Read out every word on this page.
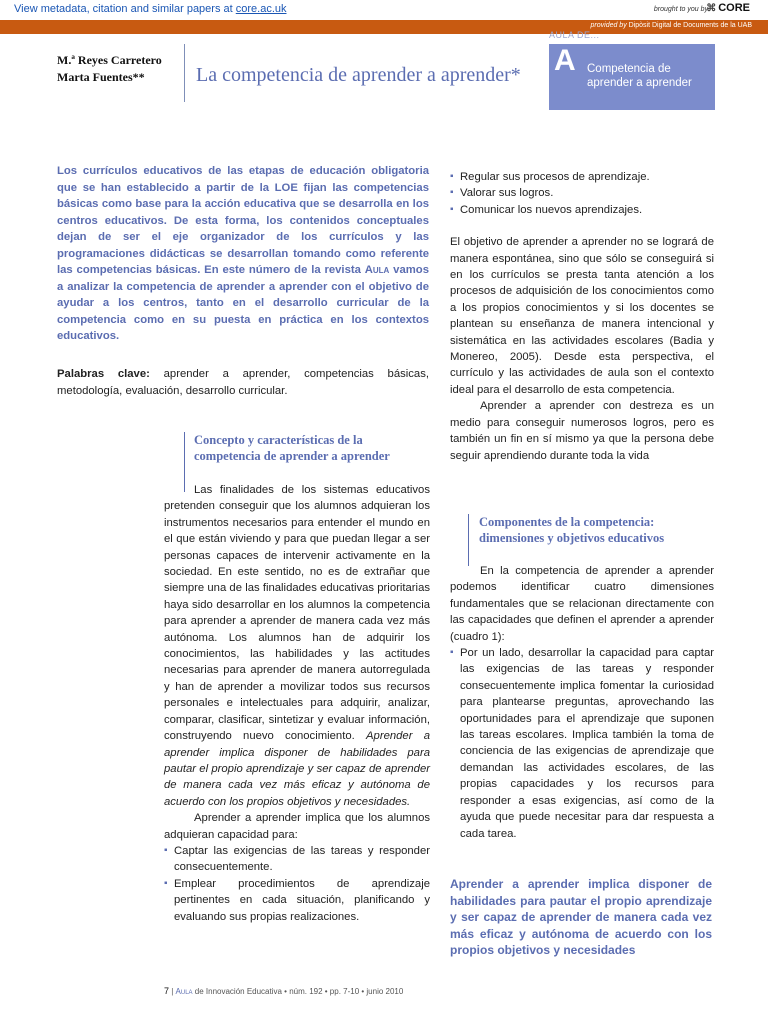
View metadata, citation and similar papers at core.ac.uk	brought to you by
⌘ CORE
provided by Dipòsit Digital de Documents de la UAB
M.ª Reyes Carretero
Marta Fuentes**	La competencia de aprender a aprender*
AULA DE...
A Competencia de
aprender a aprender
Los currículos educativos de las etapas de educación obligatoria que se han establecido a partir de la LOE fijan las competencias básicas como base para la acción educativa que se desarrolla en los centros educativos. De esta forma, los contenidos conceptuales dejan de ser el eje organizador de los currículos y las programaciones didácticas se desarrollan tomando como referente las competencias básicas. En este número de la revista Aula vamos a analizar la competencia de aprender a aprender con el objetivo de ayudar a los centros, tanto en el desarrollo curricular de la competencia como en su puesta en práctica en los contextos educativos.
Palabras clave: aprender a aprender, competencias básicas, metodología, evaluación, desarrollo curricular.
Concepto y características de la competencia de aprender a aprender

Las finalidades de los sistemas educativos pretenden conseguir que los alumnos adquieran los instrumentos necesarios para entender el mundo en el que están viviendo y para que puedan llegar a ser personas capaces de intervenir activamente en la sociedad. En este sentido, no es de extrañar que siempre una de las finalidades educativas prioritarias haya sido desarrollar en los alumnos la competencia para aprender a aprender de manera cada vez más autónoma. Los alumnos han de adquirir los conocimientos, las habilidades y las actitudes necesarias para aprender de manera autorregulada y han de aprender a movilizar todos sus recursos personales e intelectuales para adquirir, analizar, comparar, clasificar, sintetizar y evaluar información, construyendo nuevo conocimiento. Aprender a aprender implica disponer de habilidades para pautar el propio aprendizaje y ser capaz de aprender de manera cada vez más eficaz y autónoma de acuerdo con los propios objetivos y necesidades.

Aprender a aprender implica que los alumnos adquieran capacidad para:

▪ Captar las exigencias de las tareas y responder consecuentemente.
▪ Emplear procedimientos de aprendizaje pertinentes en cada situación, planificando y evaluando sus propias realizaciones.
▪ Regular sus procesos de aprendizaje.
▪ Valorar sus logros.
▪ Comunicar los nuevos aprendizajes.

El objetivo de aprender a aprender no se logrará de manera espontánea, sino que sólo se conseguirá si en los currículos se presta tanta atención a los procesos de adquisición de los conocimientos como a los propios conocimientos y si los docentes se plantean su enseñanza de manera intencional y sistemática en las actividades escolares (Badia y Monereo, 2005). Desde esta perspectiva, el currículo y las actividades de aula son el contexto ideal para el desarrollo de esta competencia.

Aprender a aprender con destreza es un medio para conseguir numerosos logros, pero es también un fin en sí mismo ya que la persona debe seguir aprendiendo durante toda la vida

Componentes de la competencia: dimensiones y objetivos educativos

En la competencia de aprender a aprender podemos identificar cuatro dimensiones fundamentales que se relacionan directamente con las capacidades que definen el aprender a aprender (cuadro 1):

▪ Por un lado, desarrollar la capacidad para captar las exigencias de las tareas y responder consecuentemente implica fomentar la curiosidad para plantearse preguntas, aprovechando las oportunidades para el aprendizaje que suponen las tareas escolares. Implica también la toma de conciencia de las exigencias de aprendizaje que demandan las actividades escolares, de las propias capacidades y los recursos para responder a esas exigencias, así como de la ayuda que puede necesitar para dar respuesta a cada tarea.
Aprender a aprender implica disponer de habilidades para pautar el propio aprendizaje y ser capaz de aprender de manera cada vez más eficaz y autónoma de acuerdo con los propios objetivos y necesidades
7 | Aula de Innovación Educativa • núm. 192 • pp. 7-10 • junio 2010
